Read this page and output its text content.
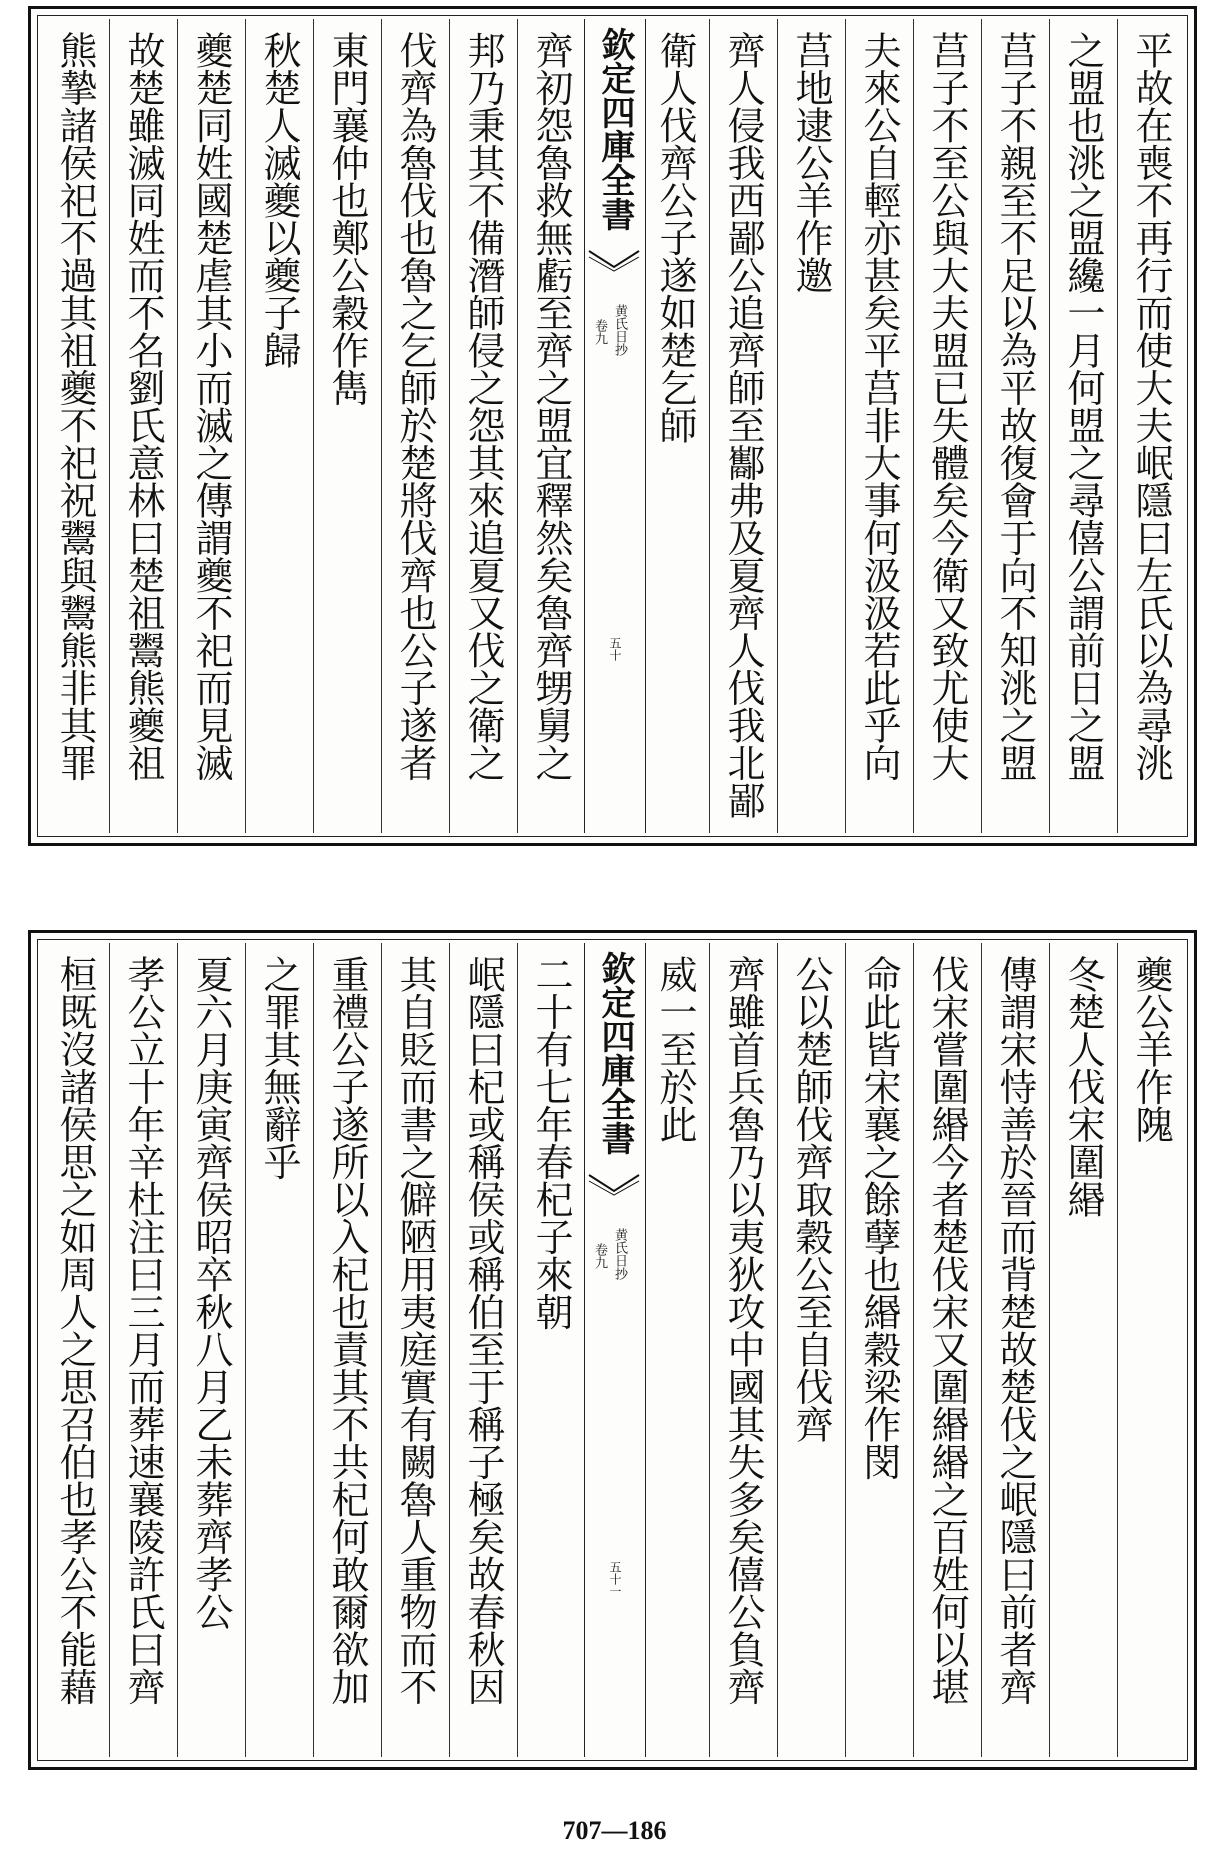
欽定四庫全書
黄氏日抄
卷九
五十	平故在喪不再行而使大夫岷隱曰左氏以為尋洮
之盟也洮之盟纔一月何盟之尋僖公謂前日之盟
莒子不親至不足以為平故復會于向不知洮之盟
莒子不至公與大夫盟已失體矣今衛又致尤使大
夫來公自輕亦甚矣平莒非大事何汲汲若此乎向
莒地逮公羊作邀
齊人侵我西鄙公追齊師至酅弗及夏齊人伐我北鄙
衛人伐齊公子遂如楚乞師
齊初怨魯救無虧至齊之盟宜釋然矣魯齊甥舅之
邦乃秉其不備潛師侵之怨其來追夏又伐之衛之
伐齊為魯伐也魯之乞師於楚將伐齊也公子遂者
東門襄仲也鄭公穀作雋
秋楚人滅夔以夔子歸
夔楚同姓國楚虐其小而滅之傳謂夔不祀而見滅
故楚雖滅同姓而不名劉氏意林曰楚祖鬻熊夔祖
熊摯諸侯祀不過其祖夔不祀祝鬻與鬻熊非其罪
欽定四庫全書
黄氏日抄
卷九
五十一
夔公羊作隗
冬楚人伐宋圍緡
傳謂宋恃善於晉而背楚故楚伐之岷隱曰前者齊
伐宋嘗圍緡今者楚伐宋又圍緡緡之百姓何以堪
命此皆宋襄之餘孽也緡穀梁作閔
公以楚師伐齊取穀公至自伐齊
齊雖首兵魯乃以夷狄攻中國其失多矣僖公負齊
威一至於此
二十有七年春杞子來朝
岷隱曰杞或稱侯或稱伯至于稱子極矣故春秋因
其自貶而書之僻陋用夷庭實有闕魯人重物而不
重禮公子遂所以入杞也責其不共杞何敢爾欲加
之罪其無辭乎
夏六月庚寅齊侯昭卒秋八月乙未葬齊孝公
孝公立十年辛杜注曰三月而葬速襄陵許氏曰齊
桓既沒諸侯思之如周人之思召伯也孝公不能藉
707—186
